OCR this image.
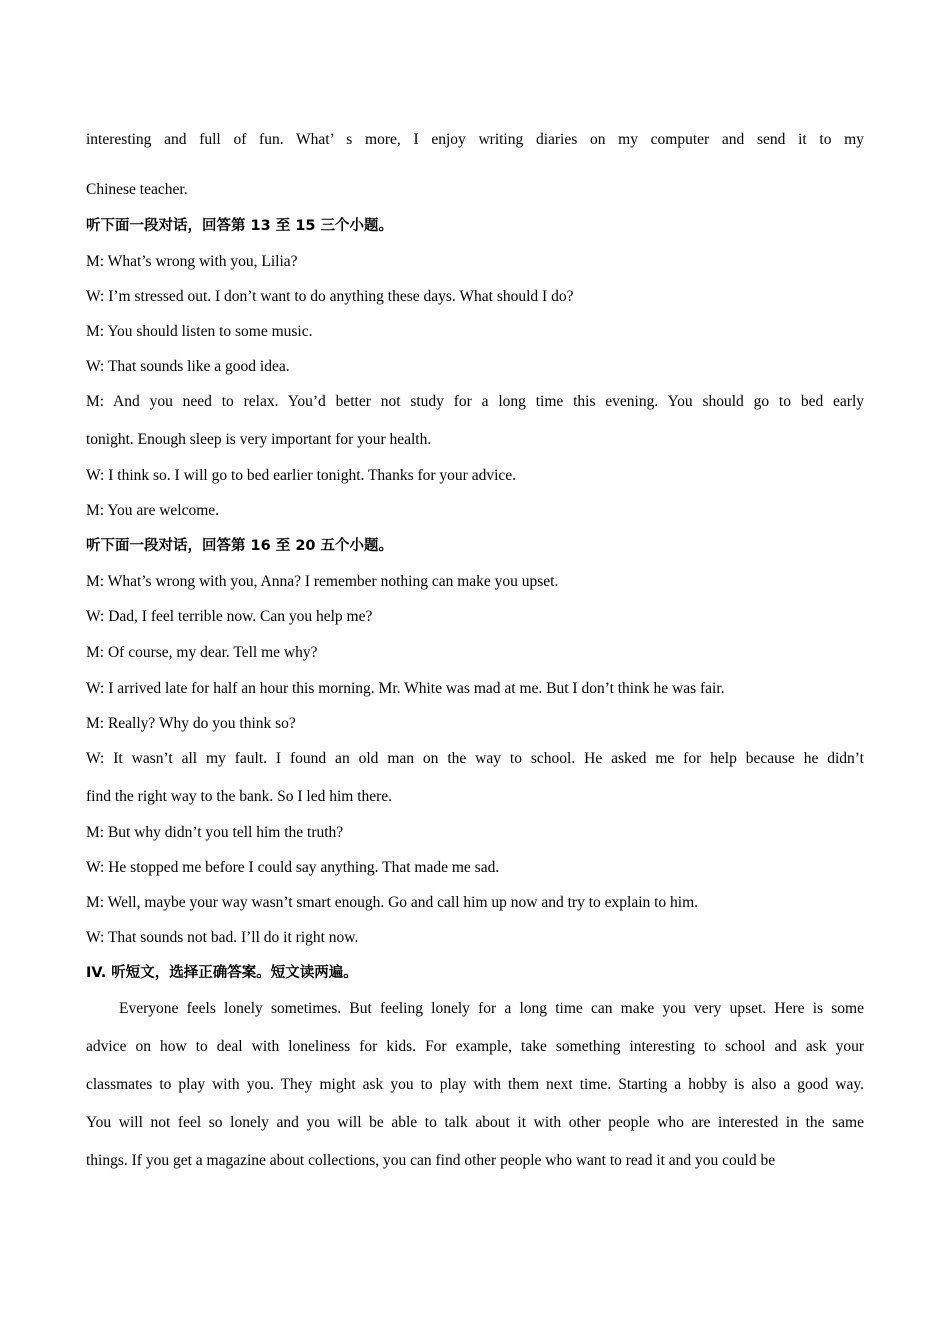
interesting and full of fun. What’ s more, I enjoy writing diaries on my computer and send it to my
Chinese teacher.
听下面一段对话，回答第 13 至 15 三个小题。
M: What’s wrong with you, Lilia?
W: I’m stressed out. I don’t want to do anything these days. What should I do?
M: You should listen to some music.
W: That sounds like a good idea.
M: And you need to relax. You’d better not study for a long time this evening. You should go to bed early
tonight. Enough sleep is very important for your health.
W: I think so. I will go to bed earlier tonight. Thanks for your advice.
M: You are welcome.
听下面一段对话，回答第 16 至 20 五个小题。
M: What’s wrong with you, Anna? I remember nothing can make you upset.
W: Dad, I feel terrible now. Can you help me?
M: Of course, my dear. Tell me why?
W: I arrived late for half an hour this morning. Mr. White was mad at me. But I don’t think he was fair.
M: Really? Why do you think so?
W: It wasn’t all my fault. I found an old man on the way to school. He asked me for help because he didn’t
find the right way to the bank. So I led him there.
M: But why didn’t you tell him the truth?
W: He stopped me before I could say anything. That made me sad.
M: Well, maybe your way wasn’t smart enough. Go and call him up now and try to explain to him.
W: That sounds not bad. I’ll do it right now.
IV. 听短文，选择正确答案。短文读两遍。
Everyone feels lonely sometimes. But feeling lonely for a long time can make you very upset. Here is some
advice on how to deal with loneliness for kids. For example, take something interesting to school and ask your
classmates to play with you. They might ask you to play with them next time. Starting a hobby is also a good way.
You will not feel so lonely and you will be able to talk about it with other people who are interested in the same
things. If you get a magazine about collections, you can find other people who want to read it and you could be
